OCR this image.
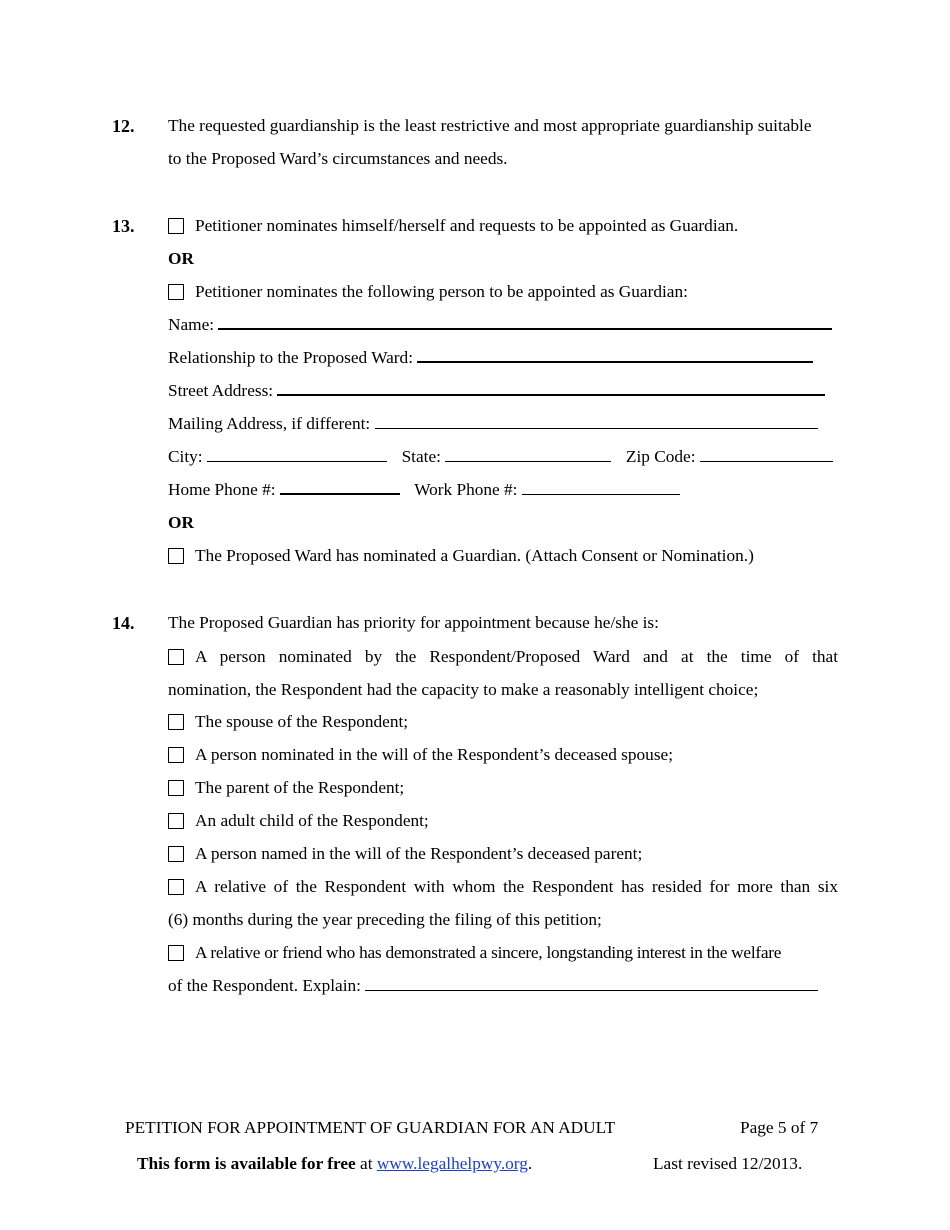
12. The requested guardianship is the least restrictive and most appropriate guardianship suitable
to the Proposed Ward’s circumstances and needs.
13.	Petitioner nominates himself/herself and requests to be appointed as Guardian.
OR
Petitioner nominates the following person to be appointed as Guardian:
Name:
Relationship to the Proposed Ward:
Street Address:
Mailing Address, if different:
City:	State:	Zip Code:
Home Phone #:	Work Phone #:
OR
The Proposed Ward has nominated a Guardian. (Attach Consent or Nomination.)
14. The Proposed Guardian has priority for appointment because he/she is:
A person nominated by the Respondent/Proposed Ward and at the time of that
nomination, the Respondent had the capacity to make a reasonably intelligent choice;
The spouse of the Respondent;
A person nominated in the will of the Respondent’s deceased spouse;
The parent of the Respondent;
An adult child of the Respondent;
A person named in the will of the Respondent’s deceased parent;
A relative of the Respondent with whom the Respondent has resided for more than six
(6) months during the year preceding the filing of this petition;
A relative or friend who has demonstrated a sincere, longstanding interest in the welfare
of the Respondent. Explain:
PETITION FOR APPOINTMENT OF GUARDIAN FOR AN ADULT	Page 5 of 7
This form is available for free at www.legalhelpwy.org.	Last revised 12/2013.
